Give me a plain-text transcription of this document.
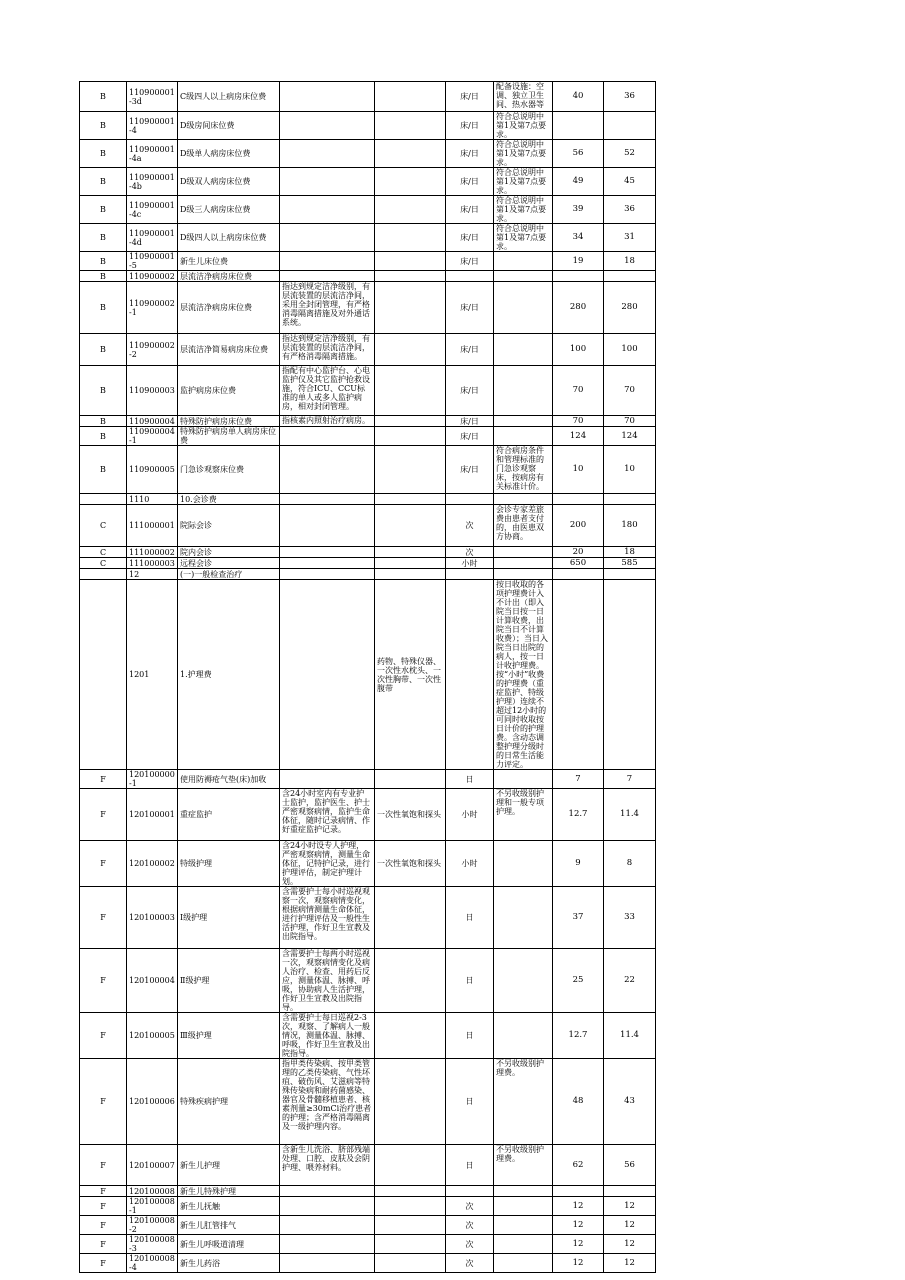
B	110900001-3d	C级四人以上病房床位费			床/日	配备设施：空调、独立卫生间、热水器等	40	36
B	110900001-4	D级房间床位费			床/日	符合总说明中第1及第7点要求。		
B	110900001-4a	D级单人病房床位费			床/日	符合总说明中第1及第7点要求。	56	52
B	110900001-4b	D级双人病房床位费			床/日	符合总说明中第1及第7点要求。	49	45
B	110900001-4c	D级三人病房床位费			床/日	符合总说明中第1及第7点要求。	39	36
B	110900001-4d	D级四人以上病房床位费			床/日	符合总说明中第1及第7点要求。	34	31
B	110900001-5	新生儿床位费			床/日		19	18
B	110900002	层流洁净病房床位费						
B	110900002-1	层流洁净病房床位费	指达到规定洁净级别，有层流装置的层流洁净间，采用全封闭管理，有严格消毒隔离措施及对外通话系统。		床/日		280	280
B	110900002-2	层流洁净简易病房床位费	指达到规定洁净级别，有层流装置的层流洁净间，有严格消毒隔离措施。		床/日		100	100
B	110900003	监护病房床位费	指配有中心监护台、心电监护仪及其它监护抢救设施，符合ICU、CCU标准的单人或多人监护病房，相对封闭管理。		床/日		70	70
B	110900004	特殊防护病房床位费	指核素内照射治疗病房。		床/日		70	70
B	110900004-1	特殊防护病房单人病房床位费			床/日		124	124
B	110900005	门急诊观察床位费			床/日	符合病房条件和管理标准的门急诊观察床，按病房有关标准计价。	10	10
	1110	10.会诊费						
C	111000001	院际会诊			次	会诊专家差旅费由患者支付的，由医患双方协商。	200	180
C	111000002	院内会诊			次		20	18
C	111000003	远程会诊			小时		650	585
	12	(一)一般检查治疗						
	1201	1.护理费		药物、特殊仪器、一次性水枕头、一次性胸带、一次性腹带		按日收取的各项护理费计入不计出（即入院当日按一日计算收费，出院当日不计算收费）；当日入院当日出院的病人，按一日计收护理费。按“小时”收费的护理费（重症监护、特级护理）连续不超过12小时的可同时收取按日计价的护理费。含动态调整护理分级时的日常生活能力评定。		
F	120100000-1	使用防褥疮气垫(床)加收			日		7	7
F	120100001	重症监护	含24小时室内有专业护士监护，监护医生、护士严密观察病情，监护生命体征，随时记录病情、作好重症监护记录。	一次性氧饱和探头	小时	不另收级别护理和一般专项护理。	12.7	11.4
F	120100002	特级护理	含24小时设专人护理，严密观察病情，测量生命体征，记特护记录，进行护理评估，制定护理计划。	一次性氧饱和探头	小时		9	8
F	120100003	Ⅰ级护理	含需要护士每小时巡视观察一次，观察病情变化，根据病情测量生命体征，进行护理评估及一般性生活护理，作好卫生宣教及出院指导。		日		37	33
F	120100004	Ⅱ级护理	含需要护士每两小时巡视一次，观察病情变化及病人治疗、检查、用药后反应，测量体温、脉搏、呼吸，协助病人生活护理，作好卫生宣教及出院指导。		日		25	22
F	120100005	Ⅲ级护理	含需要护士每日巡视2-3次，观察、了解病人一般情况，测量体温、脉搏、呼吸，作好卫生宣教及出院指导。		日		12.7	11.4
F	120100006	特殊疾病护理	指甲类传染病、按甲类管理的乙类传染病、气性坏疽、破伤风、艾滋病等特殊传染病和耐药菌感染、器官及骨髓移植患者、核素剂量≥30mCi治疗患者的护理；含严格消毒隔离及一级护理内容。		日	不另收级别护理费。	48	43
F	120100007	新生儿护理	含新生儿洗浴、脐部残端处理、口腔、皮肤及会阴护理、喂养材料。		日	不另收级别护理费。	62	56
F	120100008	新生儿特殊护理						
F	120100008-1	新生儿抚触			次		12	12
F	120100008-2	新生儿肛管排气			次		12	12
F	120100008-3	新生儿呼吸道清理			次		12	12
F	120100008-4	新生儿药浴			次		12	12
